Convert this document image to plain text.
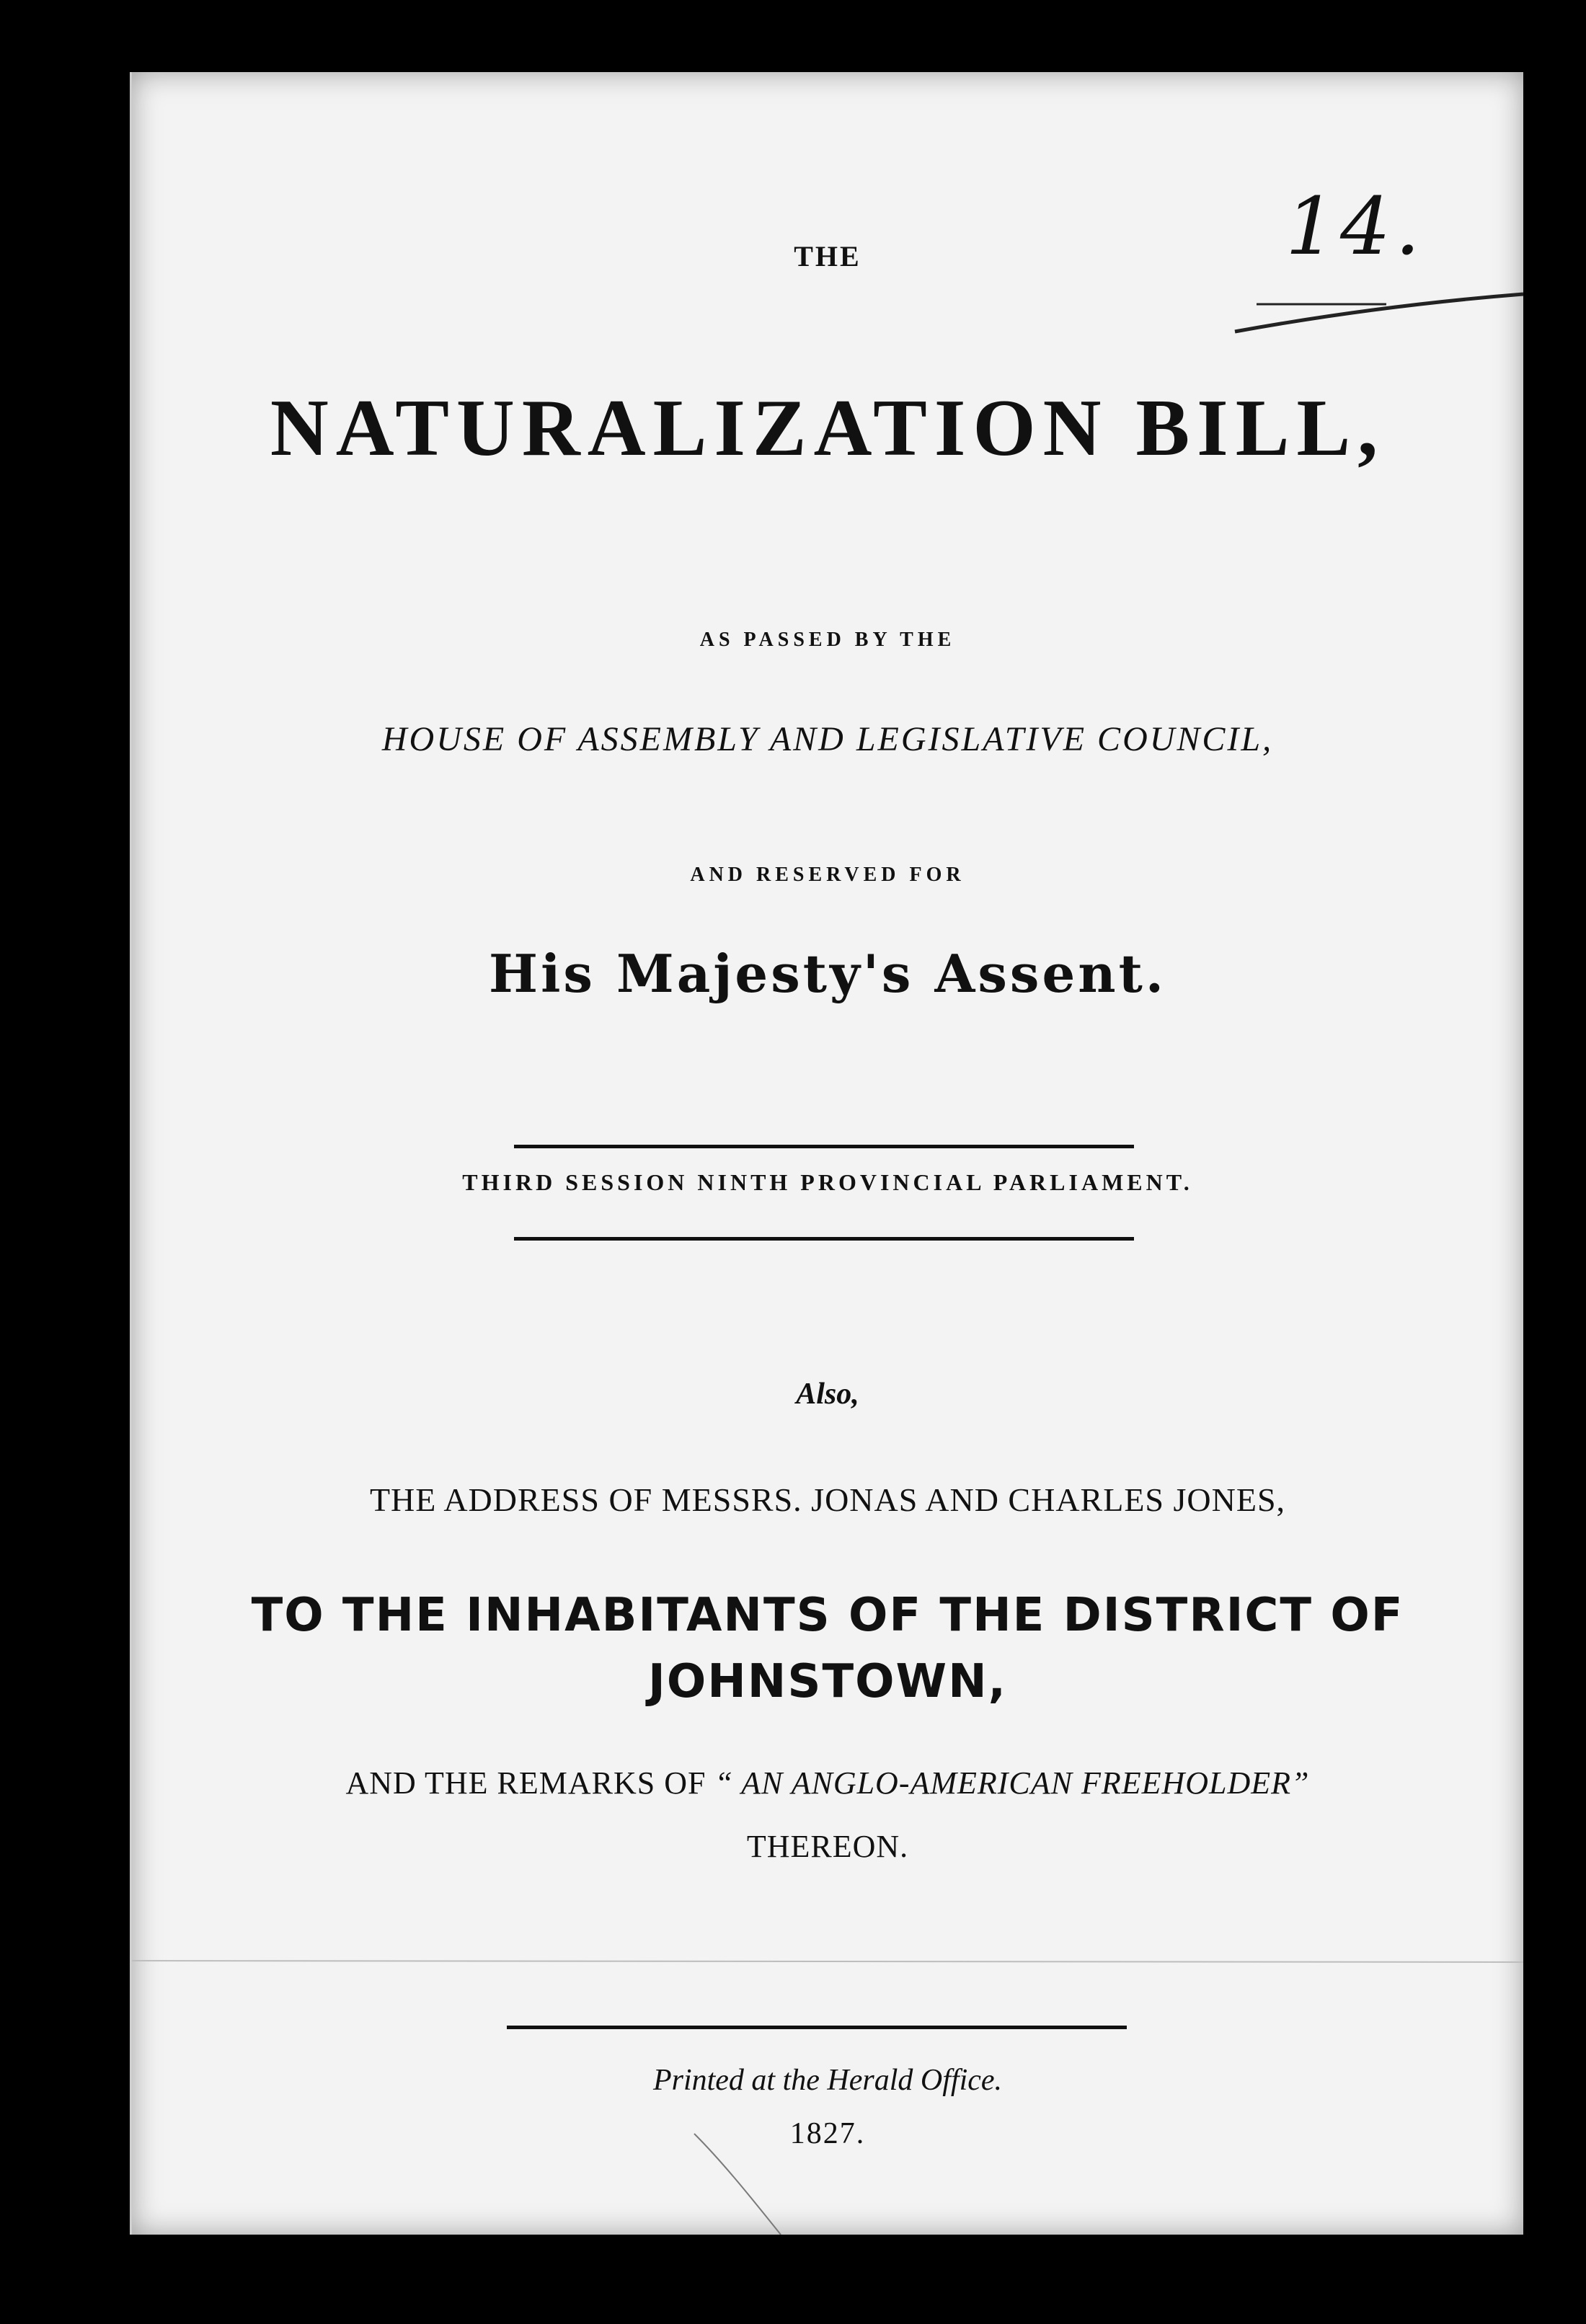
14.
THE
NATURALIZATION BILL,
AS PASSED BY THE
HOUSE OF ASSEMBLY AND LEGISLATIVE COUNCIL,
AND RESERVED FOR
His Majesty's Assent.
THIRD SESSION NINTH PROVINCIAL PARLIAMENT.
Also,
THE ADDRESS OF MESSRS. JONAS AND CHARLES JONES,
TO THE INHABITANTS OF THE DISTRICT OF
JOHNSTOWN,
AND THE REMARKS OF “ AN ANGLO-AMERICAN FREEHOLDER”
THEREON.
Printed at the Herald Office.
1827.
